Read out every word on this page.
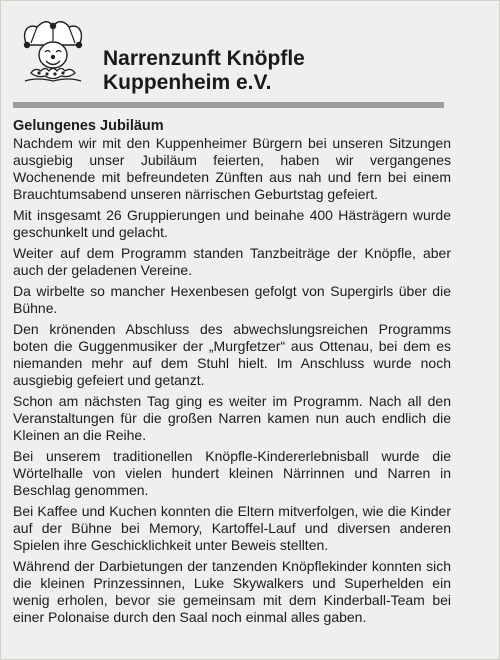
Narrenzunft Knöpfle
Kuppenheim e.V.

Gelungenes Jubiläum

Nachdem wir mit den Kuppenheimer Bürgern bei unseren Sitzungen ausgiebig unser Jubiläum feierten, haben wir vergangenes Wochenende mit befreundeten Zünften aus nah und fern bei einem Brauchtumsabend unseren närrischen Geburtstag gefeiert.

Mit insgesamt 26 Gruppierungen und beinahe 400 Hästrägern wurde geschunkelt und gelacht.

Weiter auf dem Programm standen Tanzbeiträge der Knöpfle, aber auch der geladenen Vereine.

Da wirbelte so mancher Hexenbesen gefolgt von Supergirls über die Bühne.

Den krönenden Abschluss des abwechslungsreichen Programms boten die Guggenmusiker der „Murgfetzer“ aus Ottenau, bei dem es niemanden mehr auf dem Stuhl hielt. Im Anschluss wurde noch ausgiebig gefeiert und getanzt.

Schon am nächsten Tag ging es weiter im Programm. Nach all den Veranstaltungen für die großen Narren kamen nun auch endlich die Kleinen an die Reihe.

Bei unserem traditionellen Knöpfle-Kindererlebnisball wurde die Wörtelhalle von vielen hundert kleinen Närrinnen und Narren in Beschlag genommen.

Bei Kaffee und Kuchen konnten die Eltern mitverfolgen, wie die Kinder auf der Bühne bei Memory, Kartoffel-Lauf und diversen anderen Spielen ihre Geschicklichkeit unter Beweis stellten.

Während der Darbietungen der tanzenden Knöpflekinder konnten sich die kleinen Prinzessinnen, Luke Skywalkers und Superhelden ein wenig erholen, bevor sie gemeinsam mit dem Kinderball-Team bei einer Polonaise durch den Saal noch einmal alles gaben.
